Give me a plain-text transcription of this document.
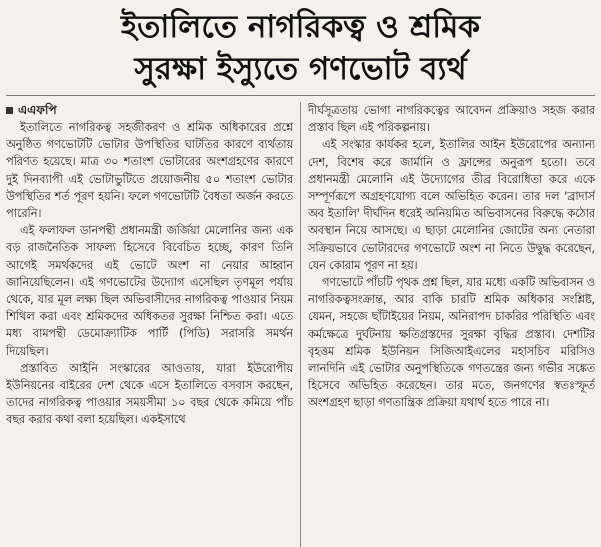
ইতালিতে নাগরিকত্ব ও শ্রমিক
সুরক্ষা ইস্যুতে গণভোট ব্যর্থ
এএফপি

ইতালিতে নাগরিকত্ব সহজীকরণ ও শ্রমিক অধিকারের প্রশ্নে অনুষ্ঠিত গণভোটটি ভোটার উপস্থিতির ঘাটতির কারণে ব্যর্থতায় পরিণত হয়েছে। মাত্র ৩০ শতাংশ ভোটারের অংশগ্রহণের কারণে দুই দিনব্যাপী এই ভোটাভুটিতে প্রয়োজনীয় ৫০ শতাংশ ভোটার উপস্থিতির শর্ত পূরণ হয়নি। ফলে গণভোটটি বৈধতা অর্জন করতে পারেনি।

এই ফলাফল ডানপন্থী প্রধানমন্ত্রী জর্জিয়া মেলোনির জন্য এক বড় রাজনৈতিক সাফল্য হিসেবে বিবেচিত হচ্ছে, কারণ তিনি আগেই সমর্থকদের এই ভোটে অংশ না নেয়ার আহ্বান জানিয়েছিলেন। এই গণভোটের উদ্যোগ এসেছিল তৃণমূল পর্যায় থেকে, যার মূল লক্ষ্য ছিল অভিবাসীদের নাগরিকত্ব পাওয়ার নিয়ম শিথিল করা এবং শ্রমিকদের অধিকতর সুরক্ষা নিশ্চিত করা। এতে মধ্য বামপন্থী ডেমোক্র্যাটিক পার্টি (পিডি) সরাসরি সমর্থন দিয়েছিল।

প্রস্তাবিত আইনি সংস্কারের আওতায়, যারা ইউরোপীয় ইউনিয়নের বাইরের দেশ থেকে এসে ইতালিতে বসবাস করছেন, তাদের নাগরিকত্ব পাওয়ার সময়সীমা ১০ বছর থেকে কমিয়ে পাঁচ বছর করার কথা বলা হয়েছিল। একইসাথে

দীর্ঘসূত্রতায় ভোগা নাগরিকত্বের আবেদন প্রক্রিয়াও সহজ করার প্রস্তাব ছিল এই পরিকল্পনায়।

এই সংস্কার কার্যকর হলে, ইতালির আইন ইউরোপের অন্যান্য দেশ, বিশেষ করে জার্মানি ও ফ্রান্সের অনুরূপ হতো। তবে প্রধানমন্ত্রী মেলোনি এই উদ্যোগের তীব্র বিরোধিতা করে একে সম্পূর্ণরূপে অগ্রহণযোগ্য বলে অভিহিত করেন। তার দল 'ব্রাদার্স অব ইতালি' দীর্ঘদিন ধরেই অনিয়মিত অভিবাসনের বিরুদ্ধে কঠোর অবস্থান নিয়ে আসছে। এ ছাড়া মেলোনির জোটের অন্য নেতারা সক্রিয়ভাবে ভোটারদের গণভোটে অংশ না নিতে উদ্বুদ্ধ করেছেন, যেন কোরাম পূরণ না হয়।

গণভোটে পাঁচটি পৃথক প্রশ্ন ছিল, যার মধ্যে একটি অভিবাসন ও নাগরিকত্বসংক্রান্ত, আর বাকি চারটি শ্রমিক অধিকার সংশ্লিষ্ট, যেমন, সহজে ছাঁটাইয়ের নিয়ম, অনিরাপদ চাকরির পরিস্থিতি এবং কর্মক্ষেত্রে দুর্ঘটনায় ক্ষতিগ্রস্তদের সুরক্ষা বৃদ্ধির প্রস্তাব। দেশটির বৃহত্তম শ্রমিক ইউনিয়ন সিজিআইএলের মহাসচিব মরিসিও লানদিনি এই ভোটার অনুপস্থিতিকে গণতন্ত্রের জন্য গভীর সঙ্কেত হিসেবে অভিহিত করেছেন। তার মতে, জনগণের স্বতঃস্ফূর্ত অংশগ্রহণ ছাড়া গণতান্ত্রিক প্রক্রিয়া যথার্থ হতে পারে না।
